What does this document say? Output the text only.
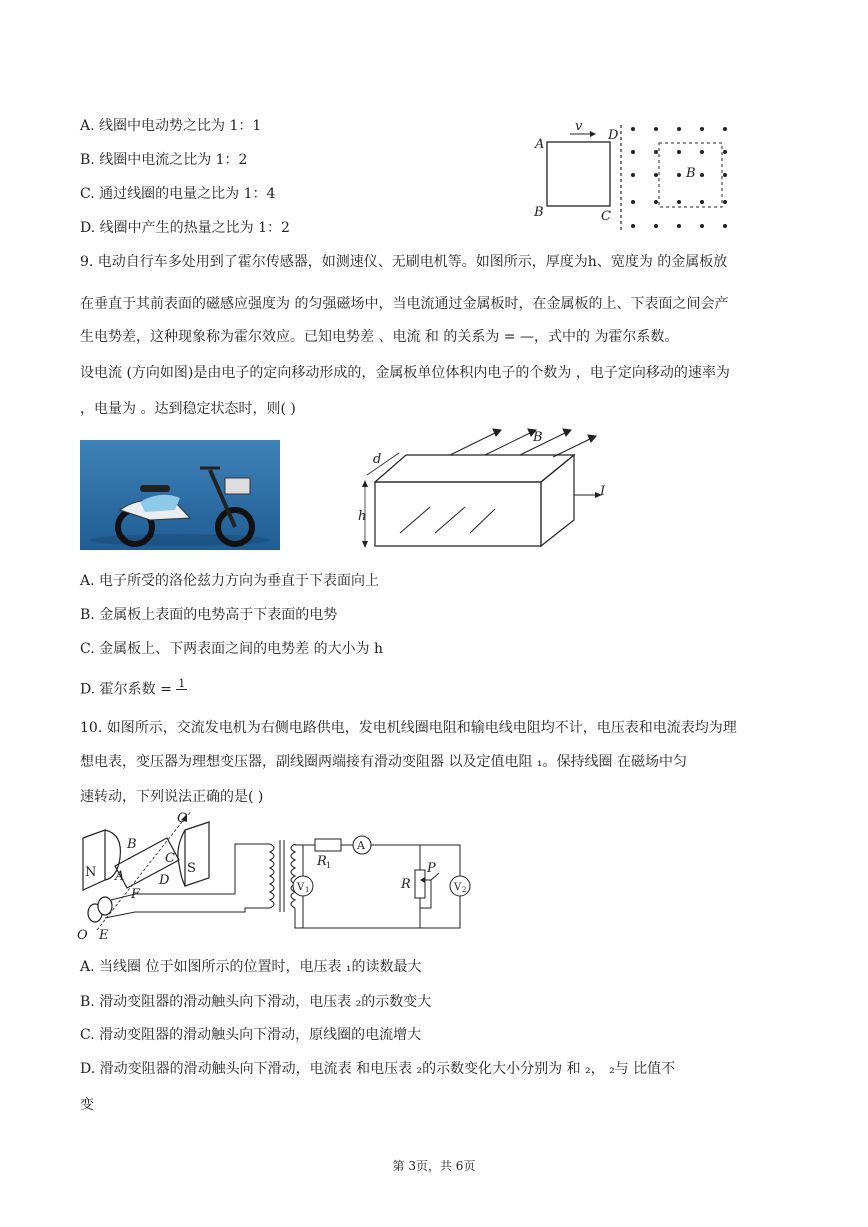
A. 线圈中电动势之比为 1：1
B. 线圈中电流之比为 1：2
C. 通过线圈的电量之比为 1：4
D. 线圈中产生的热量之比为 1：2
A
B	C
D
v
B
9. 电动自行车多处用到了霍尔传感器，如测速仪、无刷电机等。如图所示，厚度为h、宽度为 的金属板放
在垂直于其前表面的磁感应强度为 的匀强磁场中，当电流通过金属板时，在金属板的上、下表面之间会产
生电势差，这种现象称为霍尔效应。已知电势差 、电流 和 的关系为 = —，式中的 为霍尔系数。
设电流 (方向如图)是由电子的定向移动形成的，金属板单位体积内电子的个数为 ，电子定向移动的速率为
，电量为 。达到稳定状态时，则( )
h
d
B
I
A. 电子所受的洛伦兹力方向为垂直于下表面向上
B. 金属板上表面的电势高于下表面的电势
C. 金属板上、下两表面之间的电势差 的大小为 h
D. 霍尔系数 = 1

10. 如图所示，交流发电机为右侧电路供电，发电机线圈电阻和输电线电阻均不计，电压表和电流表均为理
想电表，变压器为理想变压器，副线圈两端接有滑动变阻器 以及定值电阻 ₁。保持线圈 在磁场中匀
速转动，下列说法正确的是( )
N	S
A
B
C
D
F
E
O
O′
R 1
A
V 1	R
P
V 2
A. 当线圈 位于如图所示的位置时，电压表 ₁的读数最大
B. 滑动变阻器的滑动触头向下滑动，电压表 ₂的示数变大
C. 滑动变阻器的滑动触头向下滑动，原线圈的电流增大
D. 滑动变阻器的滑动触头向下滑动，电流表 和电压表 ₂的示数变化大小分别为 和 ₂， ₂与 比值不
变
第 3页，共 6页
